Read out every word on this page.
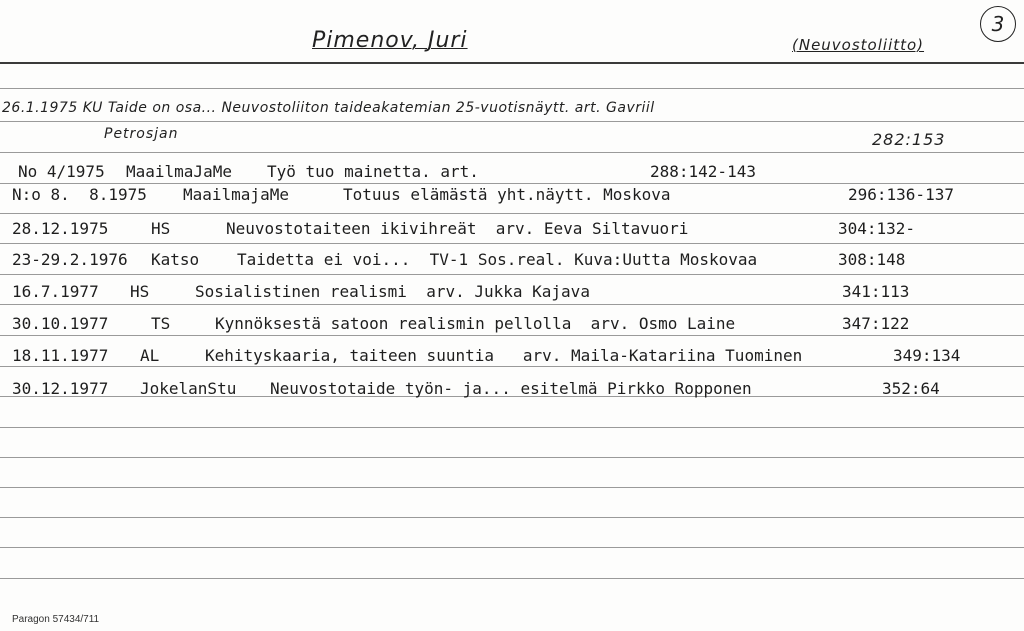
Pimenov, Juri	(Neuvostoliitto)
3
26.1.1975 KU Taide on osa... Neuvostoliiton taideakatemian 25-vuotisnäytt. art. Gavriil
Petrosjan	282:153
No 4/1975 MaailmaJaMe Työ tuo mainetta. art.	288:142-143
N:o 8.  8.1975 MaailmajaMe	Totuus elämästä yht.näytt. Moskova	296:136-137
28.12.1975	HS	Neuvostotaiteen ikivihreät  arv. Eeva Siltavuori	304:132-
23-29.2.1976 Katso Taidetta ei voi...  TV-1 Sos.real. Kuva:Uutta Moskovaa	308:148
16.7.1977 HS	Sosialistinen realismi  arv. Jukka Kajava	341:113
30.10.1977	TS	Kynnöksestä satoon realismin pellolla  arv. Osmo Laine	347:122
18.11.1977 AL	Kehityskaaria, taiteen suuntia   arv. Maila-Katariina Tuominen	349:134
30.12.1977 JokelanStu Neuvostotaide työn- ja... esitelmä Pirkko Ropponen	352:64
Paragon 57434/711
